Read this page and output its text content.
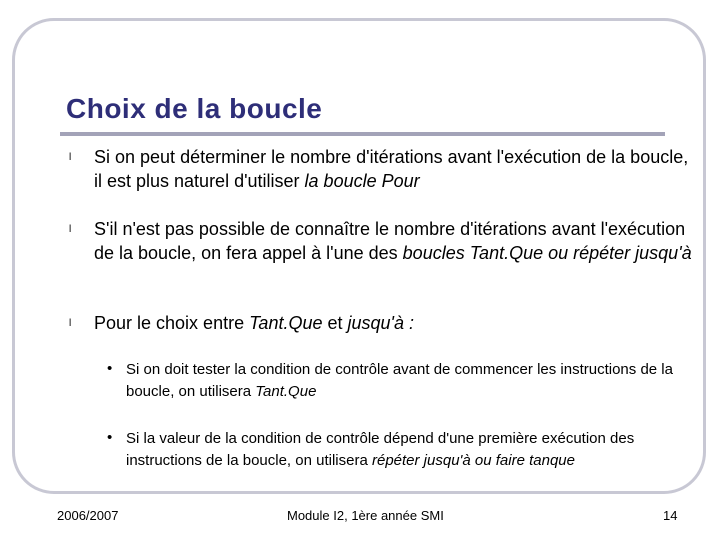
Choix de la boucle
l Si on peut déterminer le nombre d'itérations avant l'exécution de la boucle, il est plus naturel d'utiliser la boucle Pour

l S'il n'est pas possible de connaître le nombre d'itérations avant l'exécution de la boucle, on fera appel à l'une des boucles Tant.Que ou répéter jusqu'à

l Pour le choix entre Tant.Que et jusqu'à :

• Si on doit tester la condition de contrôle avant de commencer les instructions de la boucle, on utilisera Tant.Que

• Si la valeur de la condition de contrôle dépend d'une première exécution des instructions de la boucle, on utilisera répéter jusqu'à ou faire tanque

2006/2007	Module I2, 1ère année SMI	14
